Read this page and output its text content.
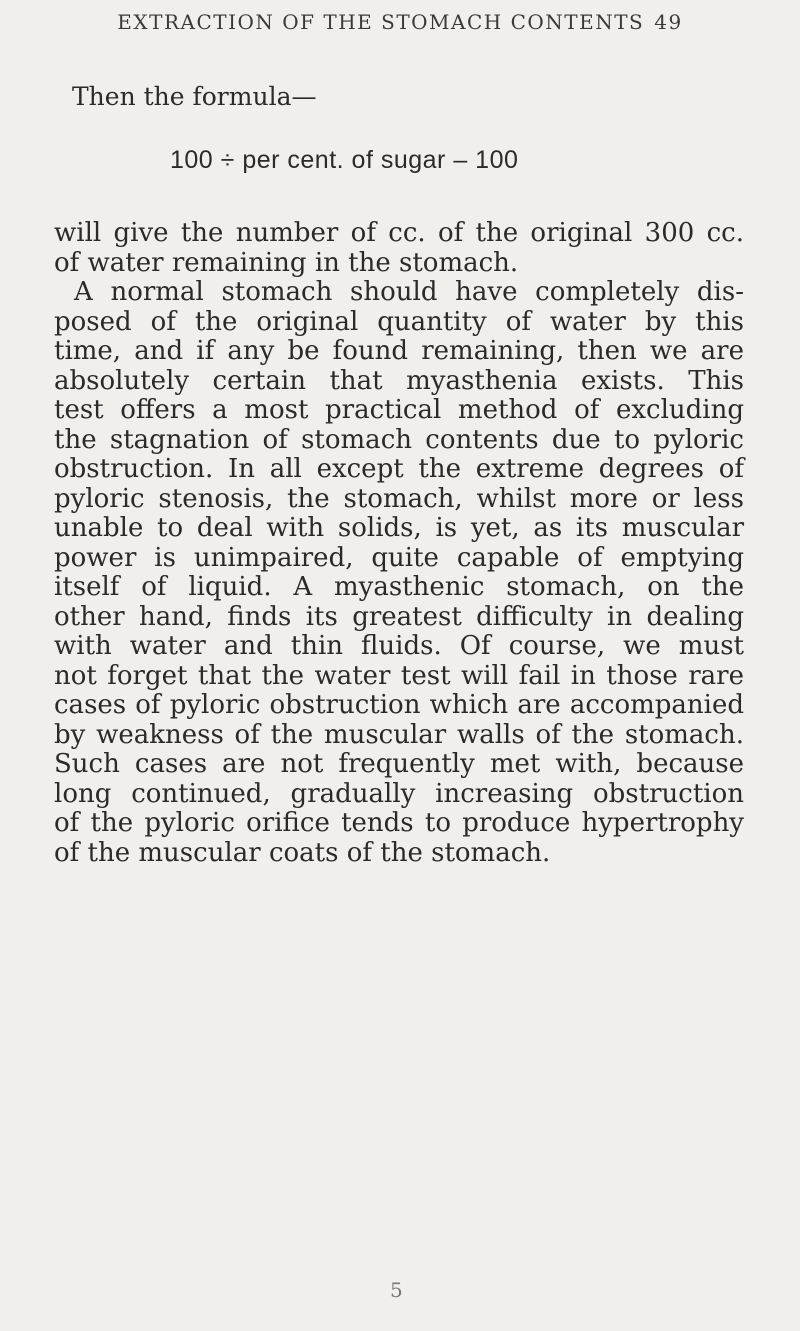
EXTRACTION OF THE STOMACH CONTENTS 49
Then the formula—
100 ÷ per cent. of sugar – 100
will give the number of cc. of the original 300 cc.
of water remaining in the stomach.
A normal stomach should have completely dis-
posed of the original quantity of water by this
time, and if any be found remaining, then we are
absolutely certain that myasthenia exists. This
test offers a most practical method of excluding
the stagnation of stomach contents due to pyloric
obstruction. In all except the extreme degrees of
pyloric stenosis, the stomach, whilst more or less
unable to deal with solids, is yet, as its muscular
power is unimpaired, quite capable of emptying
itself of liquid. A myasthenic stomach, on the
other hand, finds its greatest difficulty in dealing
with water and thin fluids. Of course, we must
not forget that the water test will fail in those rare
cases of pyloric obstruction which are accompanied
by weakness of the muscular walls of the stomach.
Such cases are not frequently met with, because
long continued, gradually increasing obstruction
of the pyloric orifice tends to produce hypertrophy
of the muscular coats of the stomach.
5
